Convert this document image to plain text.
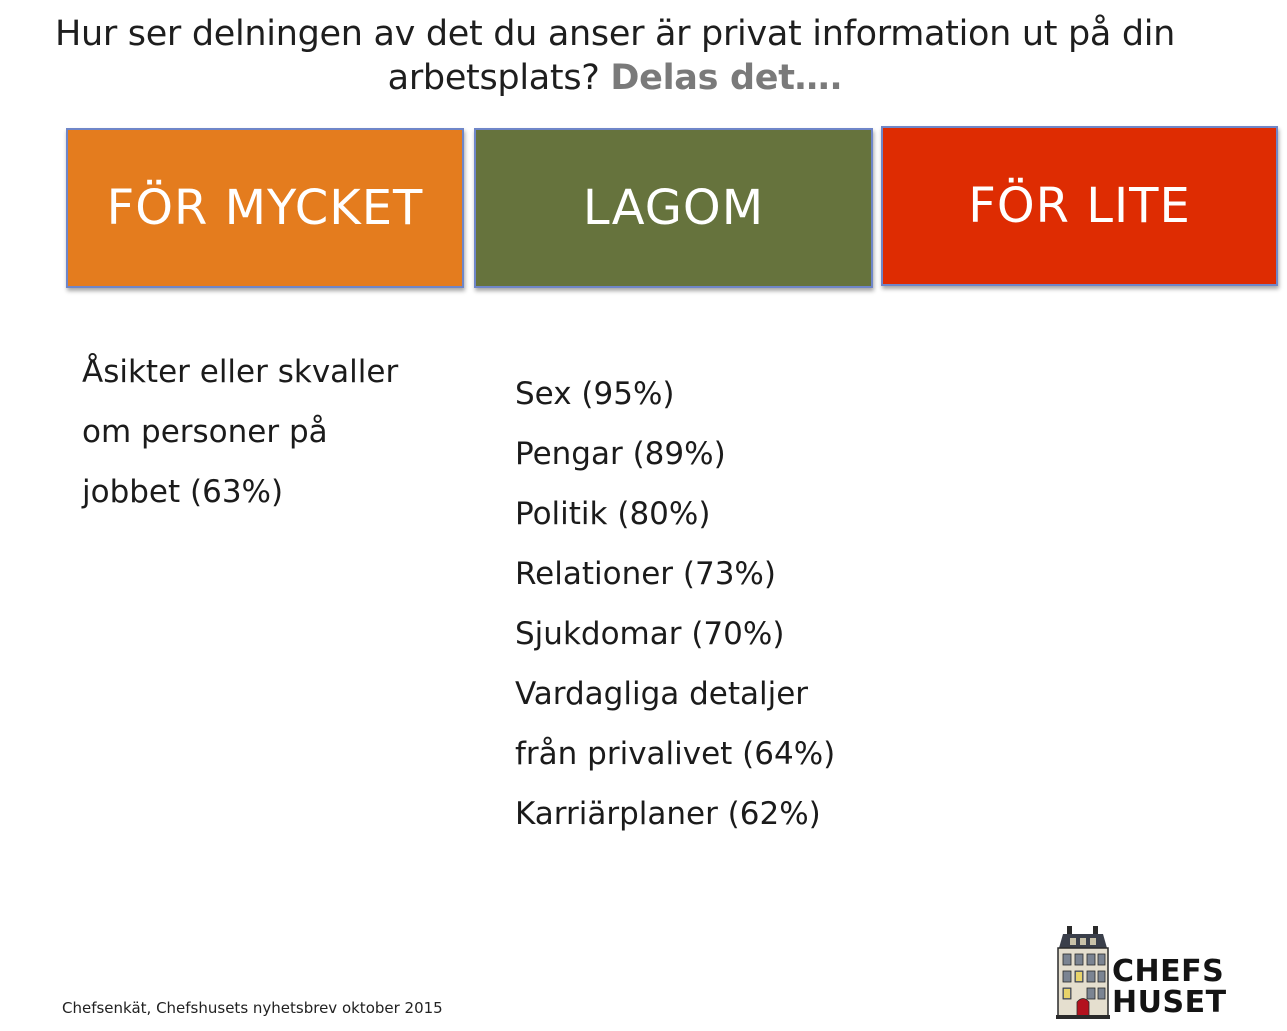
Hur ser delningen av det du anser är privat information ut på din arbetsplats? Delas det….
FÖR MYCKET	LAGOM	FÖR LITE
Åsikter eller skvaller
om personer på
jobbet (63%)
Sex (95%)
Pengar (89%)
Politik (80%)
Relationer (73%)
Sjukdomar (70%)
Vardagliga detaljer
från privalivet (64%)
Karriärplaner (62%)
Chefsenkät, Chefshusets nyhetsbrev oktober 2015
CHEFS
HUSET
